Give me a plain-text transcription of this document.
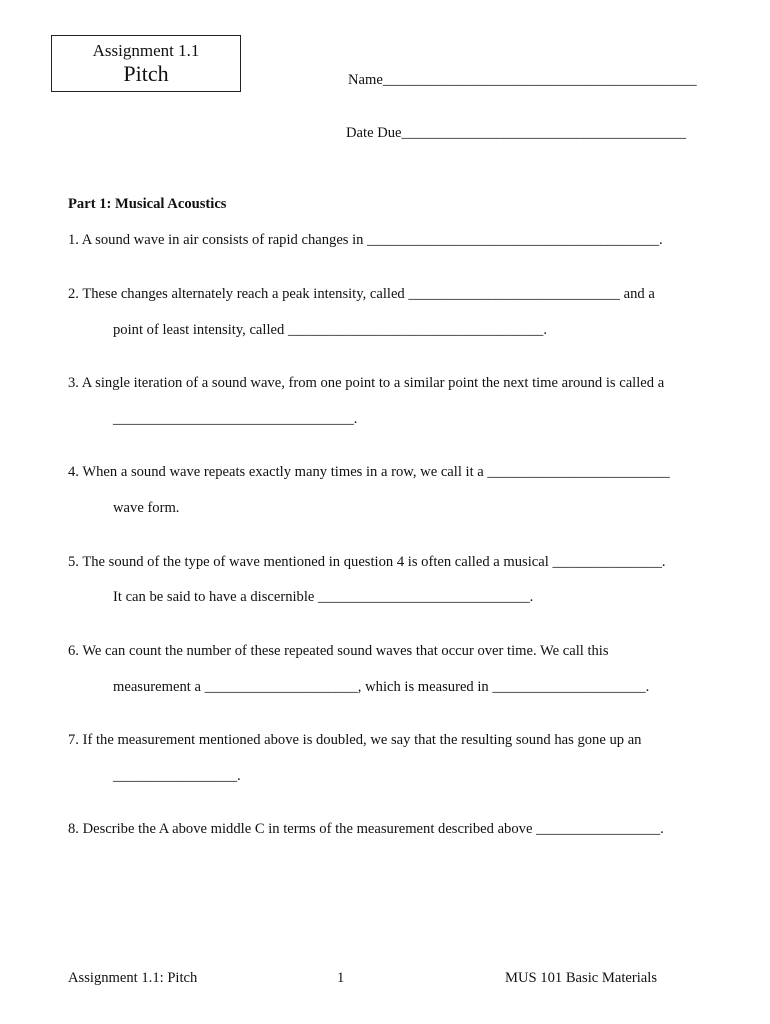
Assignment 1.1
Pitch	Name___________________________________________
Date Due_______________________________________
Part 1: Musical Acoustics
1. A sound wave in air consists of rapid changes in ________________________________________.
2. These changes alternately reach a peak intensity, called _____________________________ and a
point of least intensity, called ___________________________________.
3. A single iteration of a sound wave, from one point to a similar point the next time around is called a
_________________________________.
4. When a sound wave repeats exactly many times in a row, we call it a _________________________
wave form.
5. The sound of the type of wave mentioned in question 4 is often called a musical _______________.
It can be said to have a discernible _____________________________.
6. We can count the number of these repeated sound waves that occur over time. We call this
measurement a _____________________, which is measured in _____________________.
7. If the measurement mentioned above is doubled, we say that the resulting sound has gone up an
_________________.
8. Describe the A above middle C in terms of the measurement described above _________________.
Assignment 1.1: Pitch	1	MUS 101 Basic Materials
